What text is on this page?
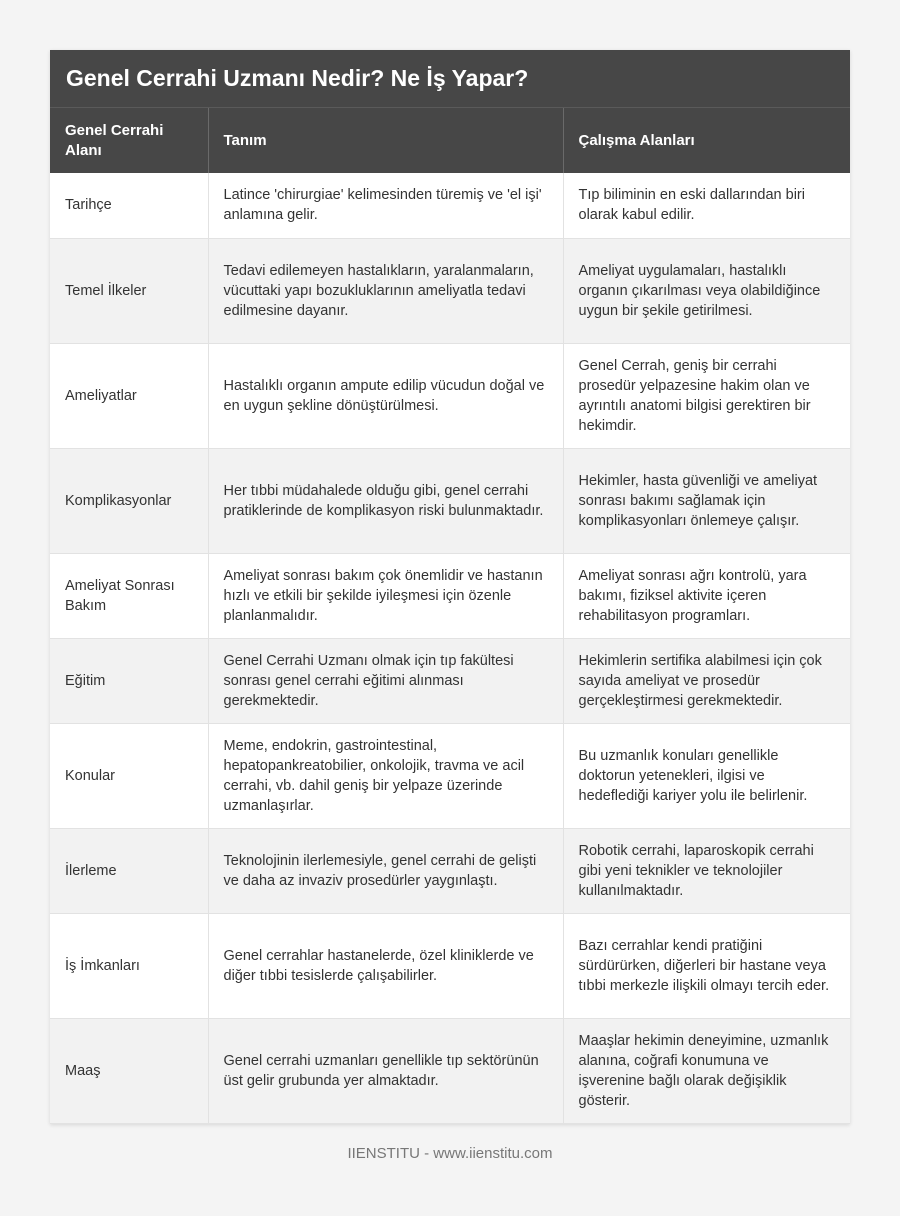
Genel Cerrahi Uzmanı Nedir? Ne İş Yapar?
Genel Cerrahi Alanı	Tanım	Çalışma Alanları
Tarihçe	Latince 'chirurgiae' kelimesinden türemiş ve 'el işi' anlamına gelir.	Tıp biliminin en eski dallarından biri olarak kabul edilir.
Temel İlkeler	Tedavi edilemeyen hastalıkların, yaralanmaların, vücuttaki yapı bozukluklarının ameliyatla tedavi edilmesine dayanır.	Ameliyat uygulamaları, hastalıklı organın çıkarılması veya olabildiğince uygun bir şekile getirilmesi.
Ameliyatlar	Hastalıklı organın ampute edilip vücudun doğal ve en uygun şekline dönüştürülmesi.	Genel Cerrah, geniş bir cerrahi prosedür yelpazesine hakim olan ve ayrıntılı anatomi bilgisi gerektiren bir hekimdir.
Komplikasyonlar	Her tıbbi müdahalede olduğu gibi, genel cerrahi pratiklerinde de komplikasyon riski bulunmaktadır.	Hekimler, hasta güvenliği ve ameliyat sonrası bakımı sağlamak için komplikasyonları önlemeye çalışır.
Ameliyat Sonrası Bakım	Ameliyat sonrası bakım çok önemlidir ve hastanın hızlı ve etkili bir şekilde iyileşmesi için özenle planlanmalıdır.	Ameliyat sonrası ağrı kontrolü, yara bakımı, fiziksel aktivite içeren rehabilitasyon programları.
Eğitim	Genel Cerrahi Uzmanı olmak için tıp fakültesi sonrası genel cerrahi eğitimi alınması gerekmektedir.	Hekimlerin sertifika alabilmesi için çok sayıda ameliyat ve prosedür gerçekleştirmesi gerekmektedir.
Konular	Meme, endokrin, gastrointestinal, hepatopankreatobilier, onkolojik, travma ve acil cerrahi, vb. dahil geniş bir yelpaze üzerinde uzmanlaşırlar.	Bu uzmanlık konuları genellikle doktorun yetenekleri, ilgisi ve hedeflediği kariyer yolu ile belirlenir.
İlerleme	Teknolojinin ilerlemesiyle, genel cerrahi de gelişti ve daha az invaziv prosedürler yaygınlaştı.	Robotik cerrahi, laparoskopik cerrahi gibi yeni teknikler ve teknolojiler kullanılmaktadır.
İş İmkanları	Genel cerrahlar hastanelerde, özel kliniklerde ve diğer tıbbi tesislerde çalışabilirler.	Bazı cerrahlar kendi pratiğini sürdürürken, diğerleri bir hastane veya tıbbi merkezle ilişkili olmayı tercih eder.
Maaş	Genel cerrahi uzmanları genellikle tıp sektörünün üst gelir grubunda yer almaktadır.	Maaşlar hekimin deneyimine, uzmanlık alanına, coğrafi konumuna ve işverenine bağlı olarak değişiklik gösterir.
IIENSTITU - www.iienstitu.com
